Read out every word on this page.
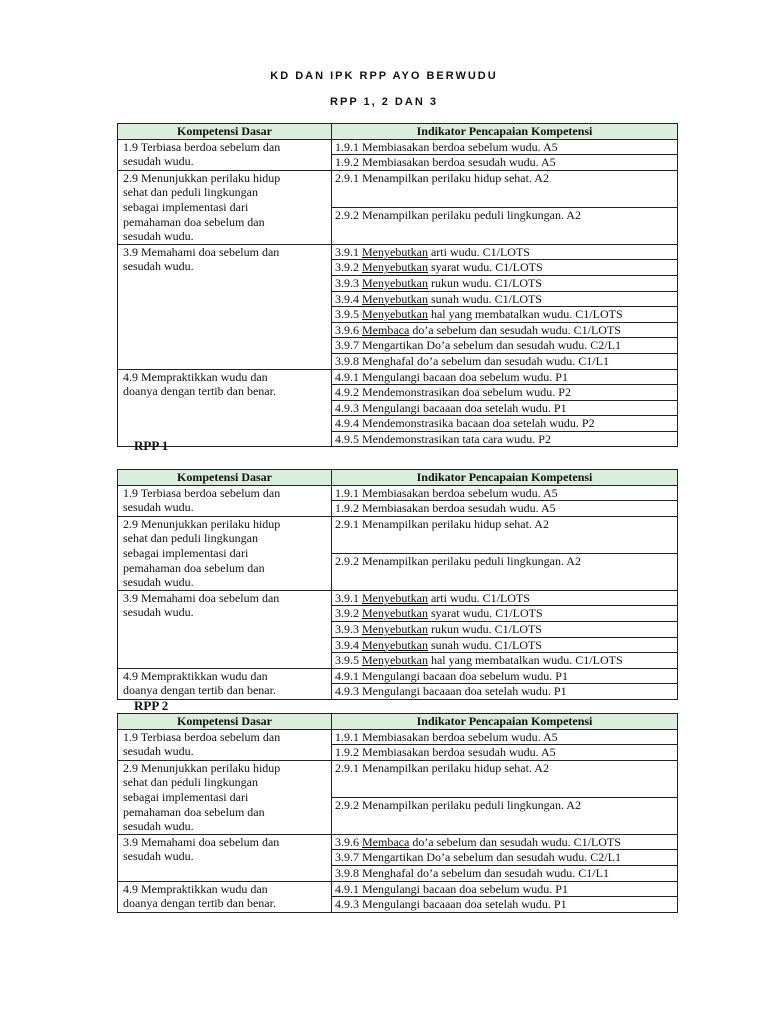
KD DAN IPK RPP AYO BERWUDU
RPP 1, 2 DAN 3
Kompetensi Dasar	Indikator Pencapaian Kompetensi

1.9 Terbiasa berdoa sebelum dan
sesudah wudu.	1.9.1 Membiasakan berdoa sebelum wudu. A5

	1.9.2 Membiasakan berdoa sesudah wudu. A5

2.9 Menunjukkan perilaku hidup
sehat dan peduli lingkungan
sebagai implementasi dari
pemahaman doa sebelum dan
sesudah wudu.	2.9.1 Menampilkan perilaku hidup sehat. A2

	2.9.2 Menampilkan perilaku peduli lingkungan. A2

3.9 Memahami doa sebelum dan
sesudah wudu.	3.9.1 Menyebutkan arti wudu. C1/LOTS

	3.9.2 Menyebutkan syarat wudu. C1/LOTS

	3.9.3 Menyebutkan rukun wudu. C1/LOTS

	3.9.4 Menyebutkan sunah wudu. C1/LOTS

	3.9.5 Menyebutkan hal yang membatalkan wudu. C1/LOTS

	3.9.6 Membaca do’a sebelum dan sesudah wudu. C1/LOTS

	3.9.7 Mengartikan Do’a sebelum dan sesudah wudu. C2/L1

	3.9.8 Menghafal do’a sebelum dan sesudah wudu. C1/L1

4.9 Mempraktikkan wudu dan
doanya dengan tertib dan benar.	4.9.1 Mengulangi bacaan doa sebelum wudu. P1

	4.9.2 Mendemonstrasikan doa sebelum wudu. P2

	4.9.3 Mengulangi bacaaan doa setelah wudu. P1

	4.9.4 Mendemonstrasika bacaan doa setelah wudu. P2

	4.9.5 Mendemonstrasikan tata cara wudu. P2
RPP 1
Kompetensi Dasar	Indikator Pencapaian Kompetensi

1.9 Terbiasa berdoa sebelum dan
sesudah wudu.	1.9.1 Membiasakan berdoa sebelum wudu. A5

	1.9.2 Membiasakan berdoa sesudah wudu. A5

2.9 Menunjukkan perilaku hidup
sehat dan peduli lingkungan
sebagai implementasi dari
pemahaman doa sebelum dan
sesudah wudu.	2.9.1 Menampilkan perilaku hidup sehat. A2

	2.9.2 Menampilkan perilaku peduli lingkungan. A2

3.9 Memahami doa sebelum dan
sesudah wudu.	3.9.1 Menyebutkan arti wudu. C1/LOTS

	3.9.2 Menyebutkan syarat wudu. C1/LOTS

	3.9.3 Menyebutkan rukun wudu. C1/LOTS

	3.9.4 Menyebutkan sunah wudu. C1/LOTS

	3.9.5 Menyebutkan hal yang membatalkan wudu. C1/LOTS

4.9 Mempraktikkan wudu dan
doanya dengan tertib dan benar.	4.9.1 Mengulangi bacaan doa sebelum wudu. P1

	4.9.3 Mengulangi bacaaan doa setelah wudu. P1
RPP 2
Kompetensi Dasar	Indikator Pencapaian Kompetensi

1.9 Terbiasa berdoa sebelum dan
sesudah wudu.	1.9.1 Membiasakan berdoa sebelum wudu. A5

	1.9.2 Membiasakan berdoa sesudah wudu. A5

2.9 Menunjukkan perilaku hidup
sehat dan peduli lingkungan
sebagai implementasi dari
pemahaman doa sebelum dan
sesudah wudu.	2.9.1 Menampilkan perilaku hidup sehat. A2

	2.9.2 Menampilkan perilaku peduli lingkungan. A2

3.9 Memahami doa sebelum dan
sesudah wudu.	3.9.6 Membaca do’a sebelum dan sesudah wudu. C1/LOTS

	3.9.7 Mengartikan Do’a sebelum dan sesudah wudu. C2/L1

	3.9.8 Menghafal do’a sebelum dan sesudah wudu. C1/L1

4.9 Mempraktikkan wudu dan
doanya dengan tertib dan benar.	4.9.1 Mengulangi bacaan doa sebelum wudu. P1

	4.9.3 Mengulangi bacaaan doa setelah wudu. P1
